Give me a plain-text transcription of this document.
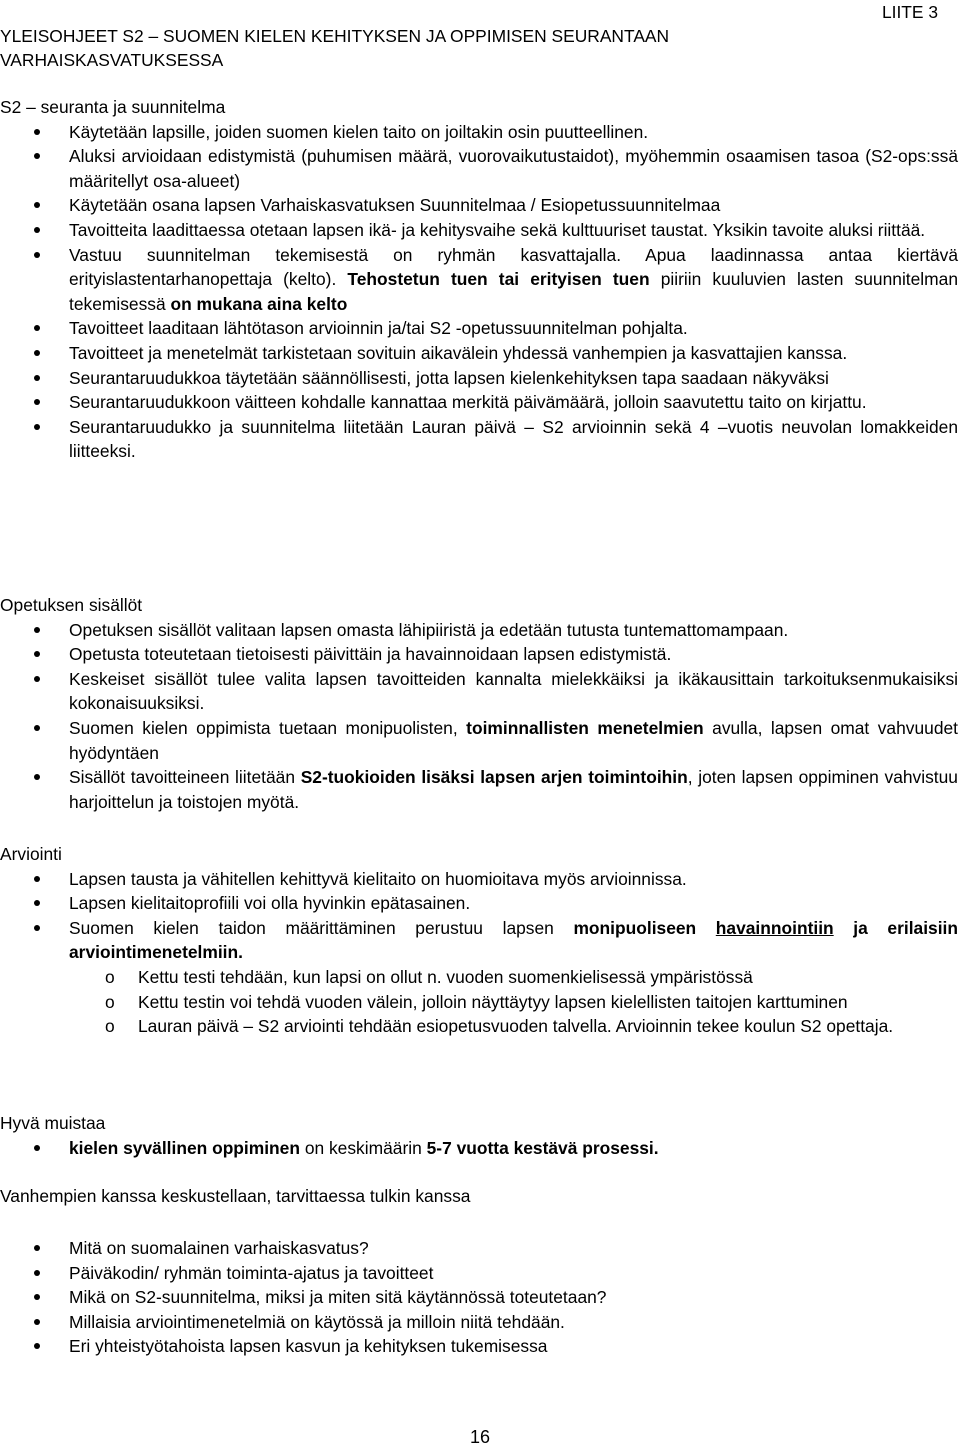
LIITE 3
YLEISOHJEET S2 – SUOMEN KIELEN KEHITYKSEN JA OPPIMISEN SEURANTAAN
VARHAISKASVATUKSESSA

S2 – seuranta ja suunnitelma

Käytetään lapsille, joiden suomen kielen taito on joiltakin osin puutteellinen.
Aluksi arvioidaan edistymistä (puhumisen määrä, vuorovaikutustaidot), myöhemmin osaamisen tasoa (S2-ops:ssä määritellyt osa-alueet)
Käytetään osana lapsen Varhaiskasvatuksen Suunnitelmaa / Esiopetussuunnitelmaa
Tavoitteita laadittaessa otetaan lapsen ikä- ja kehitysvaihe sekä kulttuuriset taustat. Yksikin tavoite aluksi riittää.
Vastuu suunnitelman tekemisestä on ryhmän kasvattajalla. Apua laadinnassa antaa kiertävä erityislastentarhanopettaja (kelto). Tehostetun tuen tai erityisen tuen piiriin kuuluvien lasten suunnitelman tekemisessä on mukana aina kelto
Tavoitteet laaditaan lähtötason arvioinnin ja/tai S2 -opetussuunnitelman pohjalta.
Tavoitteet ja menetelmät tarkistetaan sovituin aikavälein yhdessä vanhempien ja kasvattajien kanssa.
Seurantaruudukkoa täytetään säännöllisesti, jotta lapsen kielenkehityksen tapa saadaan näkyväksi
Seurantaruudukkoon väitteen kohdalle kannattaa merkitä päivämäärä, jolloin saavutettu taito on kirjattu.
Seurantaruudukko ja suunnitelma liitetään Lauran päivä – S2 arvioinnin sekä 4 –vuotis neuvolan lomakkeiden liitteeksi.

Opetuksen sisällöt

Opetuksen sisällöt valitaan lapsen omasta lähipiiristä ja edetään tutusta tuntemattomampaan.
Opetusta toteutetaan tietoisesti päivittäin ja havainnoidaan lapsen edistymistä.
Keskeiset sisällöt tulee valita lapsen tavoitteiden kannalta mielekkäiksi ja ikäkausittain tarkoituksenmukaisiksi kokonaisuuksiksi.
Suomen kielen oppimista tuetaan monipuolisten, toiminnallisten menetelmien avulla, lapsen omat vahvuudet hyödyntäen
Sisällöt tavoitteineen liitetään S2-tuokioiden lisäksi lapsen arjen toimintoihin, joten lapsen oppiminen vahvistuu harjoittelun ja toistojen myötä.

Arviointi

Lapsen tausta ja vähitellen kehittyvä kielitaito on huomioitava myös arvioinnissa.
Lapsen kielitaitoprofiili voi olla hyvinkin epätasainen.
Suomen kielen taidon määrittäminen perustuu lapsen monipuoliseen havainnointiin ja erilaisiin arviointimenetelmiin.
o Kettu testi tehdään, kun lapsi on ollut n. vuoden suomenkielisessä ympäristössä
o Kettu testin voi tehdä vuoden välein, jolloin näyttäytyy lapsen kielellisten taitojen karttuminen
o Lauran päivä – S2 arviointi tehdään esiopetusvuoden talvella. Arvioinnin tekee koulun S2 opettaja.

Hyvä muistaa

kielen syvällinen oppiminen on keskimäärin 5-7 vuotta kestävä prosessi.

Vanhempien kanssa keskustellaan, tarvittaessa tulkin kanssa

Mitä on suomalainen varhaiskasvatus?
Päiväkodin/ ryhmän toiminta-ajatus ja tavoitteet
Mikä on S2-suunnitelma, miksi ja miten sitä käytännössä toteutetaan?
Millaisia arviointimenetelmiä on käytössä ja milloin niitä tehdään.
Eri yhteistyötahoista lapsen kasvun ja kehityksen tukemisessa
16
